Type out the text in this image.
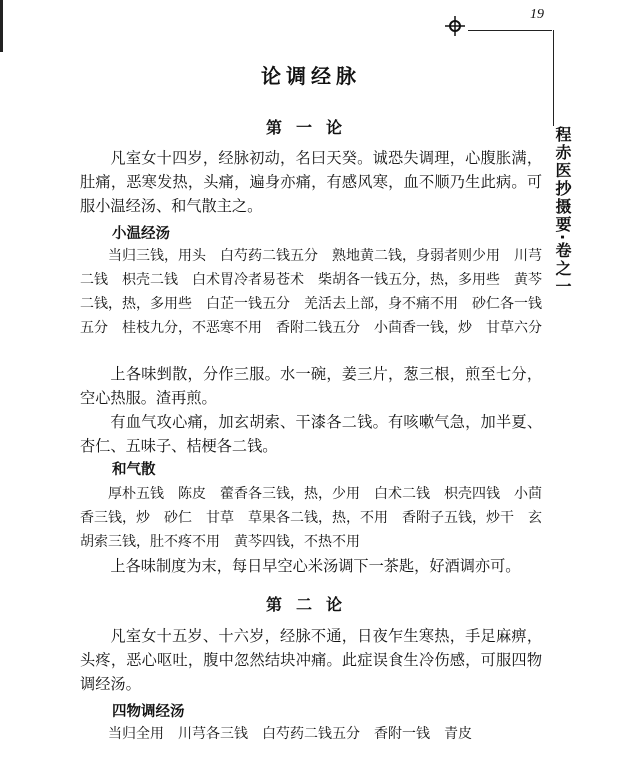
19
程赤医抄摄要·卷之一
论调经脉
第一论

凡室女十四岁，经脉初动，名曰天癸。诚恐失调理，心腹胀满，肚痛，恶寒发热，头痛，遍身亦痛，有感风寒，血不顺乃生此病。可服小温经汤、和气散主之。

小温经汤

当归三钱，用头　白芍药二钱五分　熟地黄二钱，身弱者则少用　川芎二钱　枳壳二钱　白术胃冷者易苍术　柴胡各一钱五分，热，多用些　黄芩二钱，热，多用些　白芷一钱五分　羌活去上部，身不痛不用　砂仁各一钱五分　桂枝九分，不恶寒不用　香附二钱五分　小茴香一钱，炒　甘草六分

上各味剉散，分作三服。水一碗，姜三片，葱三根，煎至七分，空心热服。渣再煎。

有血气攻心痛，加玄胡索、干漆各二钱。有咳嗽气急，加半夏、杏仁、五味子、桔梗各二钱。

和气散

厚朴五钱　陈皮　藿香各三钱，热，少用　白术二钱　枳壳四钱　小茴香三钱，炒　砂仁　甘草　草果各二钱，热，不用　香附子五钱，炒干　玄胡索三钱，肚不疼不用　黄芩四钱，不热不用

上各味制度为末，每日早空心米汤调下一茶匙，好酒调亦可。

第二论

凡室女十五岁、十六岁，经脉不通，日夜乍生寒热，手足麻痹，头疼，恶心呕吐，腹中忽然结块冲痛。此症误食生冷伤感，可服四物调经汤。

四物调经汤

当归全用　川芎各三钱　白芍药二钱五分　香附一钱　青皮
